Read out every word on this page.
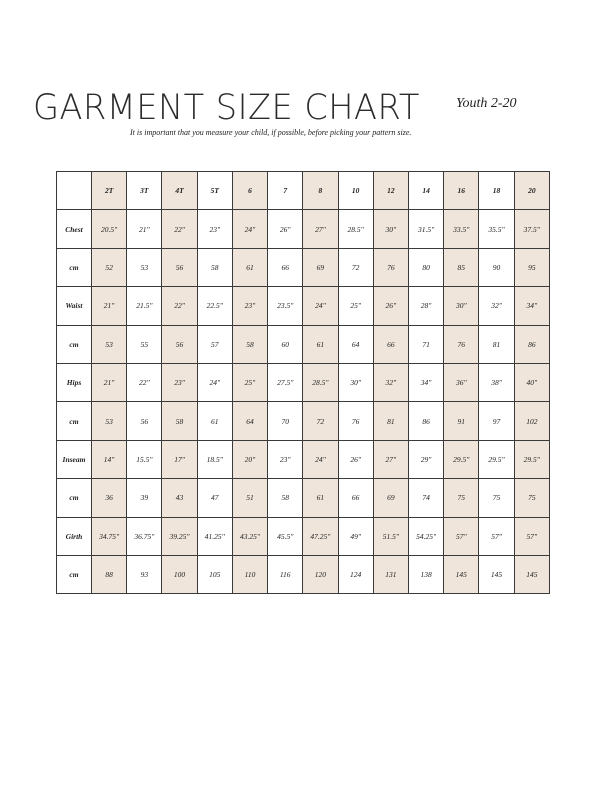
GARMENT SIZE CHART	Youth 2-20
It is important that you measure your child, if possible, before picking your pattern size.
	2T	3T	4T	5T	6	7	8	10	12	14	16	18	20
Chest	20.5"	21"	22"	23"	24"	26"	27"	28.5"	30"	31.5"	33.5"	35.5"	37.5"
cm	52	53	56	58	61	66	69	72	76	80	85	90	95
Waist	21"	21.5"	22"	22.5"	23"	23.5"	24"	25"	26"	28"	30"	32"	34"
cm	53	55	56	57	58	60	61	64	66	71	76	81	86
Hips	21"	22"	23"	24"	25"	27.5"	28.5"	30"	32"	34"	36"	38"	40"
cm	53	56	58	61	64	70	72	76	81	86	91	97	102
Inseam	14"	15.5"	17"	18.5"	20"	23"	24"	26"	27"	29"	29.5"	29.5"	29.5"
cm	36	39	43	47	51	58	61	66	69	74	75	75	75
Girth	34.75"	36.75"	39.25"	41.25"	43.25"	45.5"	47.25"	49"	51.5"	54.25"	57"	57"	57"
cm	88	93	100	105	110	116	120	124	131	138	145	145	145
